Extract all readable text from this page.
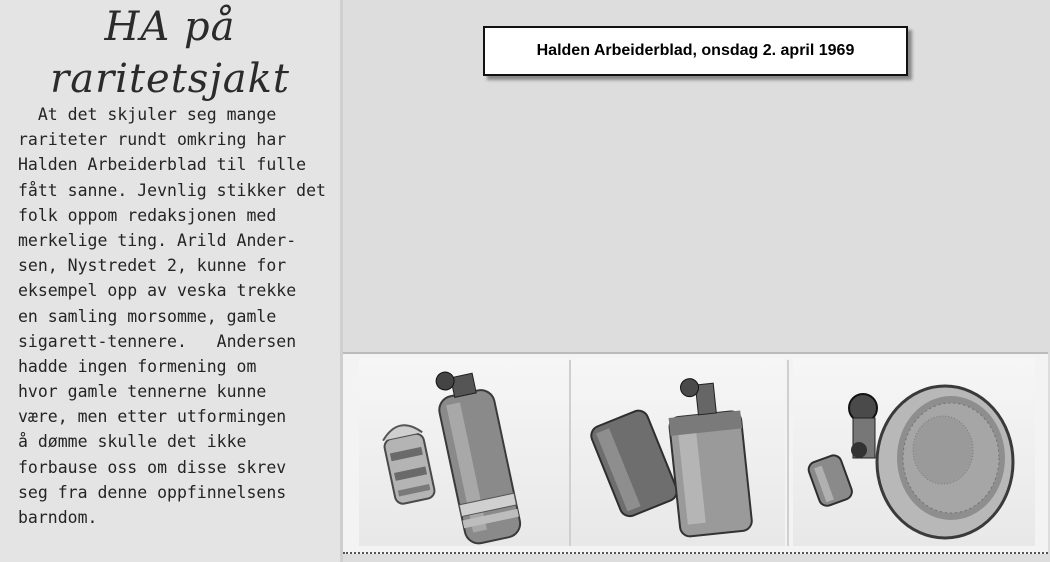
HA på
raritetsjakt
At det skjuler seg mange
rariteter rundt omkring har
Halden Arbeiderblad til fulle
fått sanne. Jevnlig stikker det
folk oppom redaksjonen med
merkelige ting. Arild Ander-
sen, Nystredet 2, kunne for
eksempel opp av veska trekke
en samling morsomme, gamle
sigarett-tennere.   Andersen
hadde ingen formening om
hvor gamle tennerne kunne
være, men etter utformingen
å dømme skulle det ikke
forbause oss om disse skrev
seg fra denne oppfinnelsens
barndom.
Halden Arbeiderblad, onsdag 2. april 1969
